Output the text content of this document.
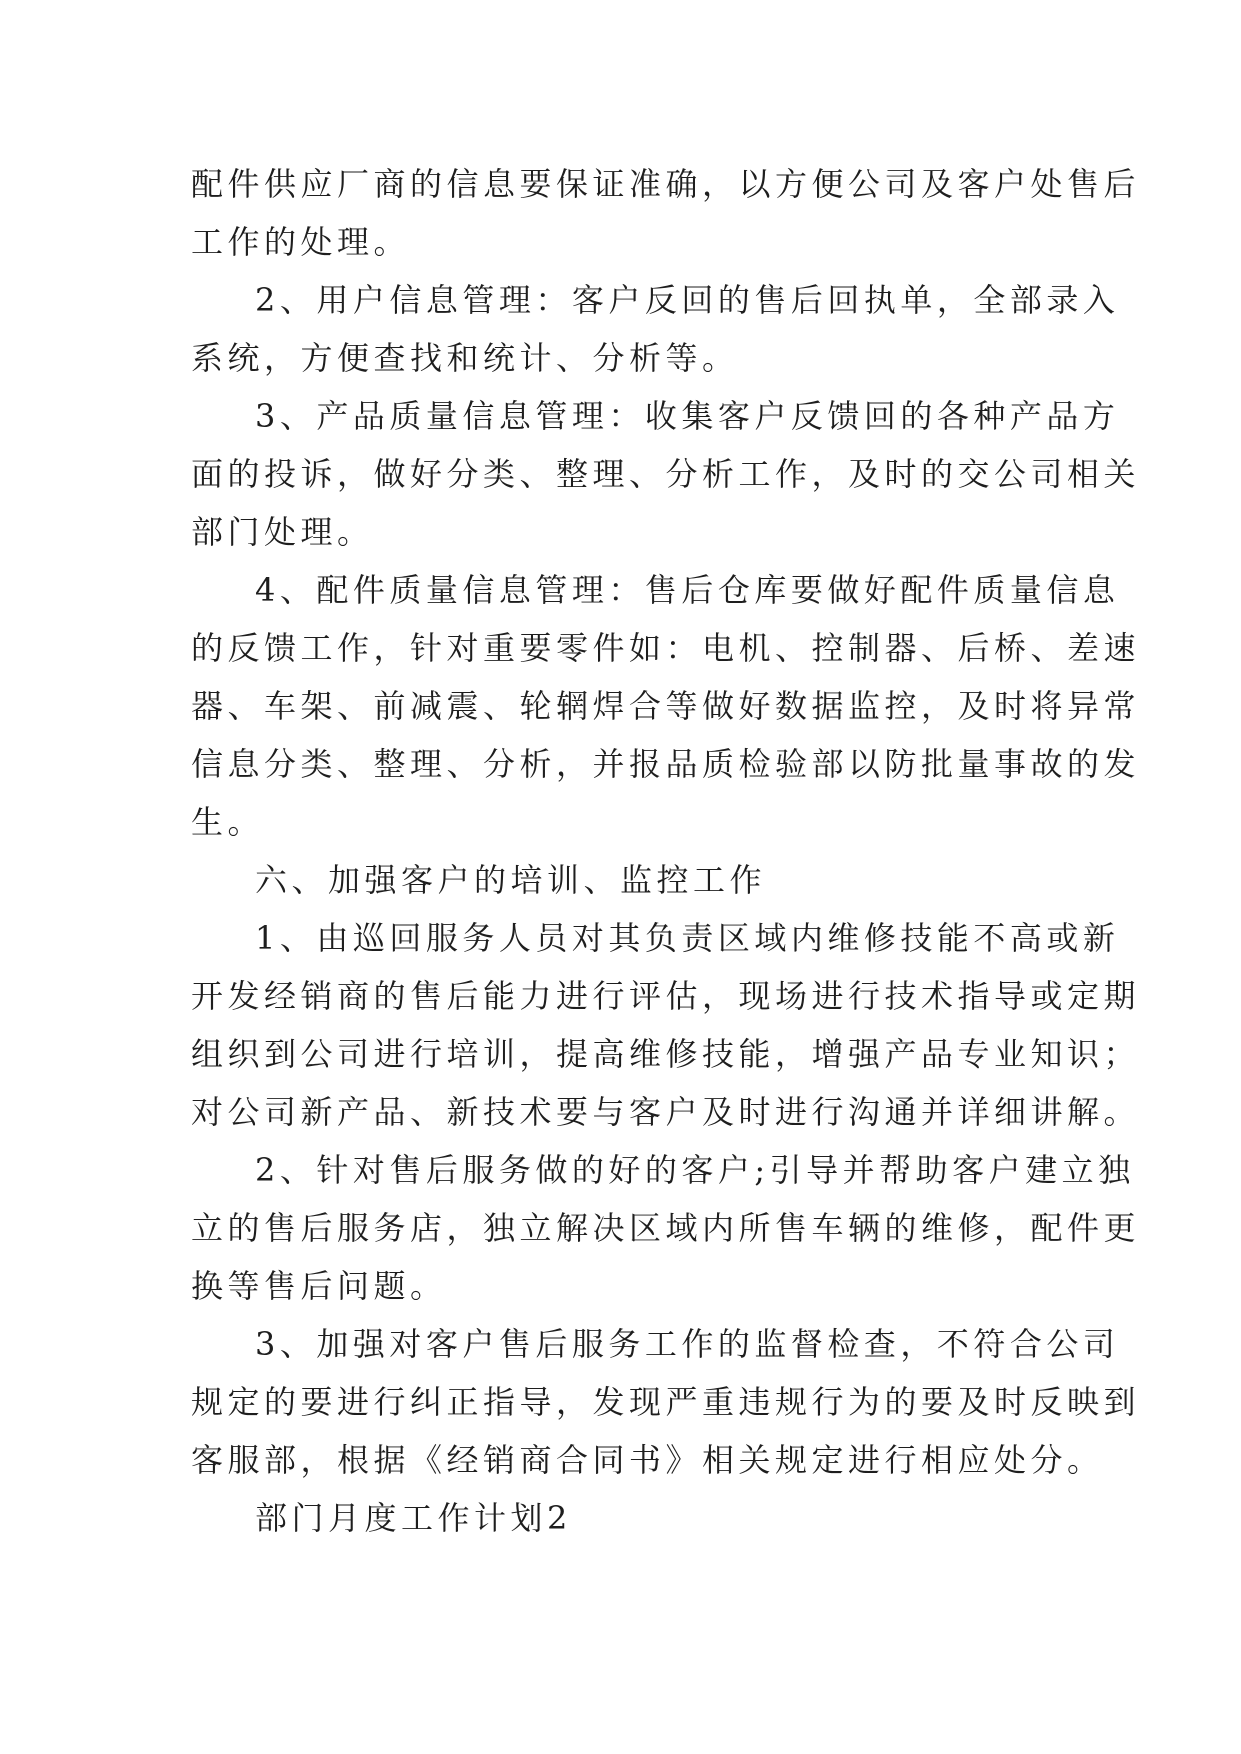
配件供应厂商的信息要保证准确，以方便公司及客户处售后
工作的处理。
2、用户信息管理：客户反回的售后回执单，全部录入
系统，方便查找和统计、分析等。
3、产品质量信息管理：收集客户反馈回的各种产品方
面的投诉，做好分类、整理、分析工作，及时的交公司相关
部门处理。
4、配件质量信息管理：售后仓库要做好配件质量信息
的反馈工作，针对重要零件如：电机、控制器、后桥、差速
器、车架、前减震、轮辋焊合等做好数据监控，及时将异常
信息分类、整理、分析，并报品质检验部以防批量事故的发
生。
六、加强客户的培训、监控工作
1、由巡回服务人员对其负责区域内维修技能不高或新
开发经销商的售后能力进行评估，现场进行技术指导或定期
组织到公司进行培训，提高维修技能，增强产品专业知识；
对公司新产品、新技术要与客户及时进行沟通并详细讲解。
2、针对售后服务做的好的客户;引导并帮助客户建立独
立的售后服务店，独立解决区域内所售车辆的维修，配件更
换等售后问题。
3、加强对客户售后服务工作的监督检查，不符合公司
规定的要进行纠正指导，发现严重违规行为的要及时反映到
客服部，根据《经销商合同书》相关规定进行相应处分。
部门月度工作计划2
